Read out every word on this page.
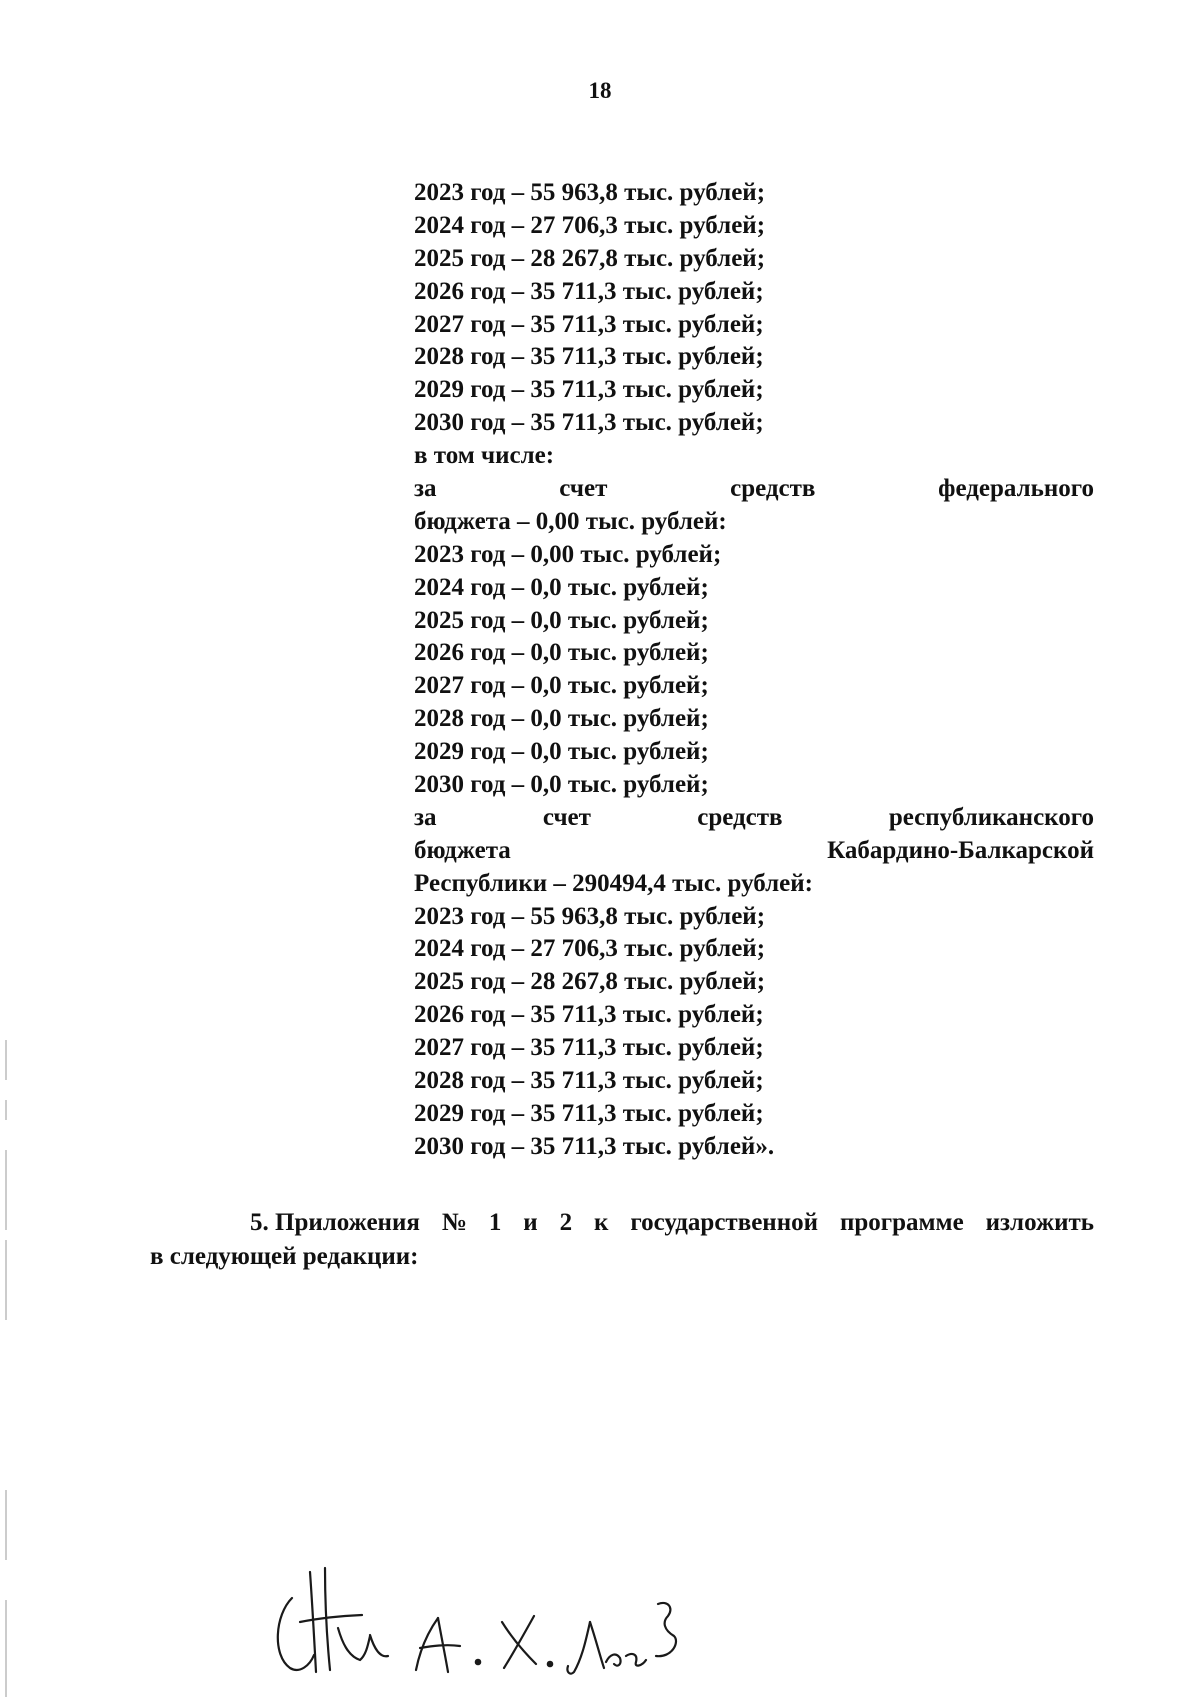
18
2023 год – 55 963,8 тыс. рублей;
2024 год – 27 706,3 тыс. рублей;
2025 год – 28 267,8 тыс. рублей;
2026 год – 35 711,3 тыс. рублей;
2027 год – 35 711,3 тыс. рублей;
2028 год – 35 711,3 тыс. рублей;
2029 год – 35 711,3 тыс. рублей;
2030 год – 35 711,3 тыс. рублей;
в том числе:
за	счет	средств	федерального
бюджета – 0,00 тыс. рублей:
2023 год – 0,00 тыс. рублей;
2024 год – 0,0 тыс. рублей;
2025 год – 0,0 тыс. рублей;
2026 год – 0,0 тыс. рублей;
2027 год – 0,0 тыс. рублей;
2028 год – 0,0 тыс. рублей;
2029 год – 0,0 тыс. рублей;
2030 год – 0,0 тыс. рублей;
за	счет	средств	республиканского
бюджета	Кабардино-Балкарской
Республики – 290494,4 тыс. рублей:
2023 год – 55 963,8 тыс. рублей;
2024 год – 27 706,3 тыс. рублей;
2025 год – 28 267,8 тыс. рублей;
2026 год – 35 711,3 тыс. рублей;
2027 год – 35 711,3 тыс. рублей;
2028 год – 35 711,3 тыс. рублей;
2029 год – 35 711,3 тыс. рублей;
2030 год – 35 711,3 тыс. рублей».
5. Приложения № 1 и 2 к государственной программе изложить
в следующей редакции:
